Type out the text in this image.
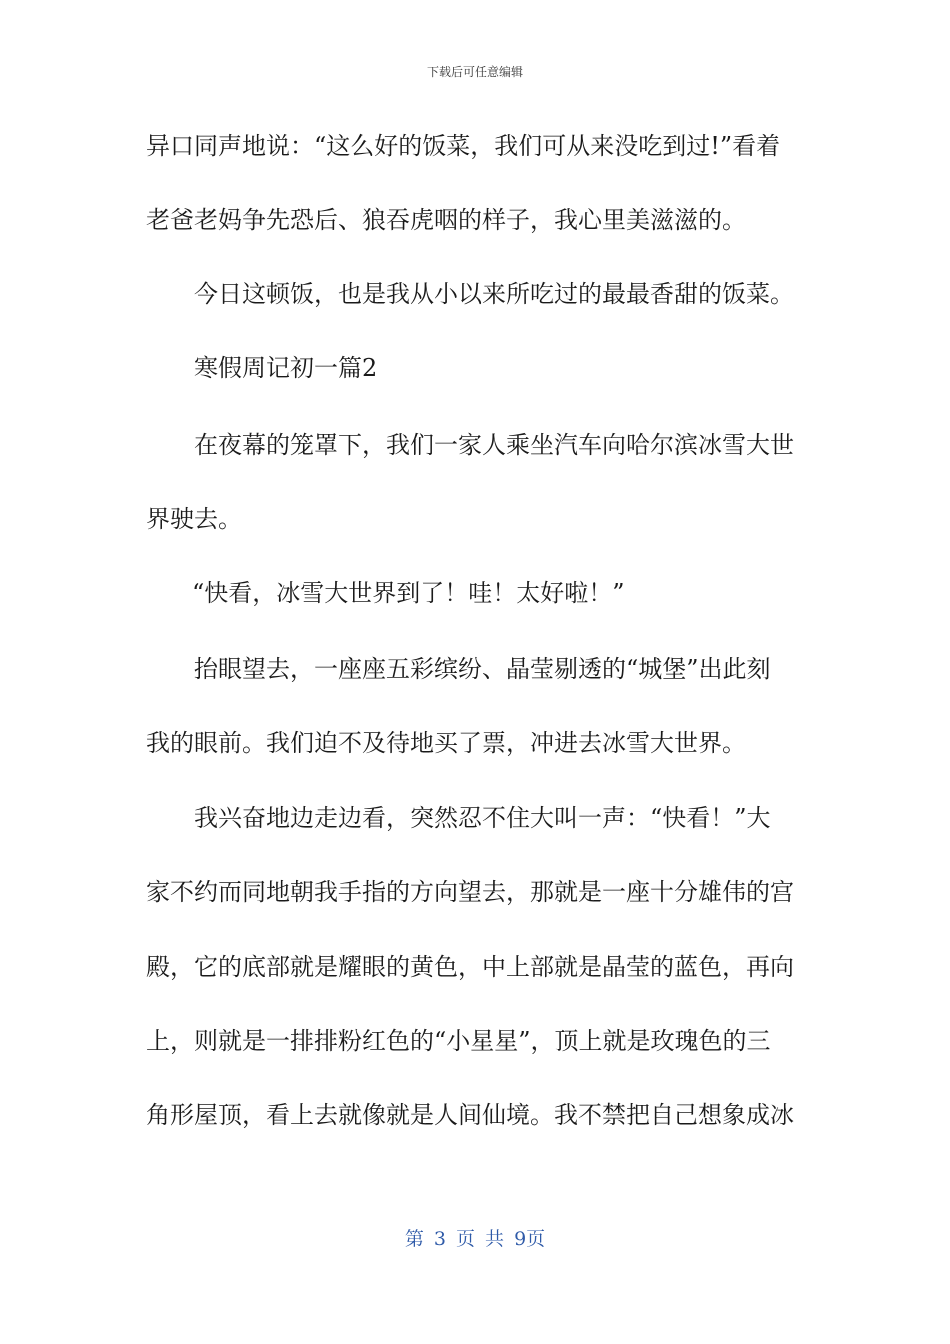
下载后可任意编辑
异口同声地说：“这么好的饭菜，我们可从来没吃到过!”看着
老爸老妈争先恐后、狼吞虎咽的样子，我心里美滋滋的。
今日这顿饭，也是我从小以来所吃过的最最香甜的饭菜。
寒假周记初一篇2
在夜幕的笼罩下，我们一家人乘坐汽车向哈尔滨冰雪大世
界驶去。
“快看，冰雪大世界到了！哇！太好啦！”
抬眼望去，一座座五彩缤纷、晶莹剔透的“城堡”出此刻
我的眼前。我们迫不及待地买了票，冲进去冰雪大世界。
我兴奋地边走边看，突然忍不住大叫一声：“快看！”大
家不约而同地朝我手指的方向望去，那就是一座十分雄伟的宫
殿，它的底部就是耀眼的黄色，中上部就是晶莹的蓝色，再向
上，则就是一排排粉红色的“小星星”，顶上就是玫瑰色的三
角形屋顶，看上去就像就是人间仙境。我不禁把自己想象成冰
第 3 页 共 9页
